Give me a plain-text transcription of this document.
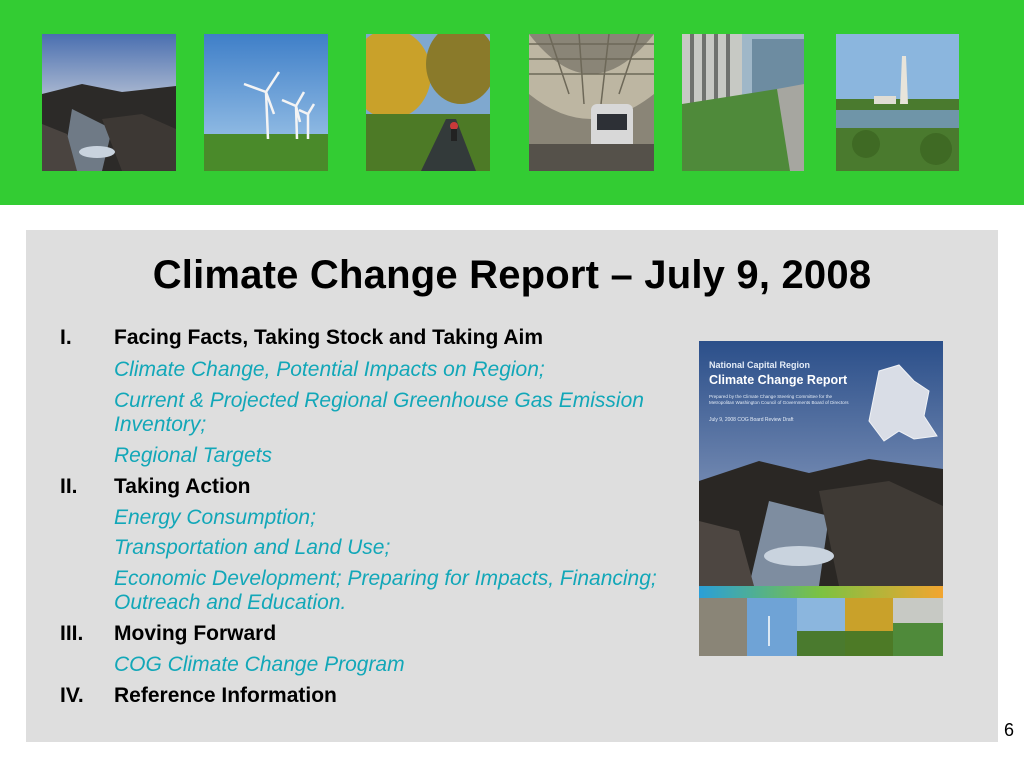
Climate Change Report – July 9, 2008
I. Facing Facts, Taking Stock and Taking Aim
Climate Change, Potential Impacts on Region;
Current & Projected Regional Greenhouse Gas Emission Inventory;
Regional Targets
II. Taking Action
Energy Consumption;
Transportation and Land Use;
Economic Development; Preparing for Impacts, Financing; Outreach and Education.
III. Moving Forward
COG Climate Change Program
IV. Reference Information
National Capital Region
Climate Change Report
Prepared by the Climate Change Steering Committee for the
Metropolitan Washington Council of Governments Board of Directors
July 9, 2008 COG Board Review Draft
6
